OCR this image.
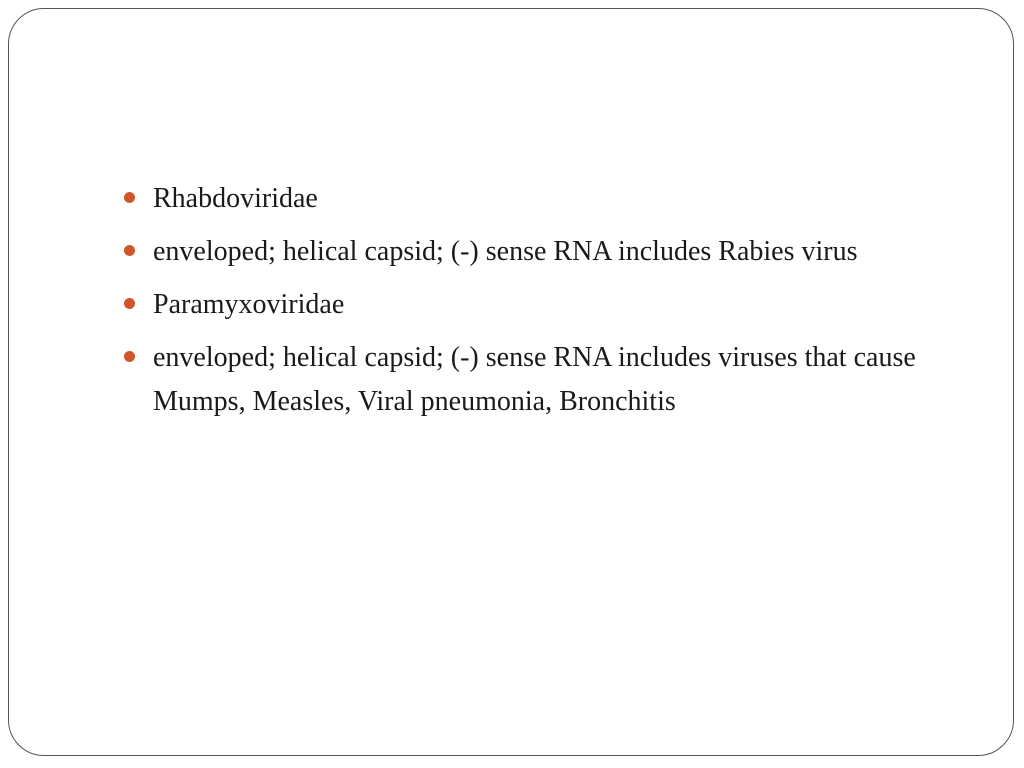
Rhabdoviridae
enveloped; helical capsid; (-) sense RNA includes Rabies virus
Paramyxoviridae
enveloped; helical capsid; (-) sense RNA includes viruses that cause Mumps, Measles, Viral pneumonia, Bronchitis
